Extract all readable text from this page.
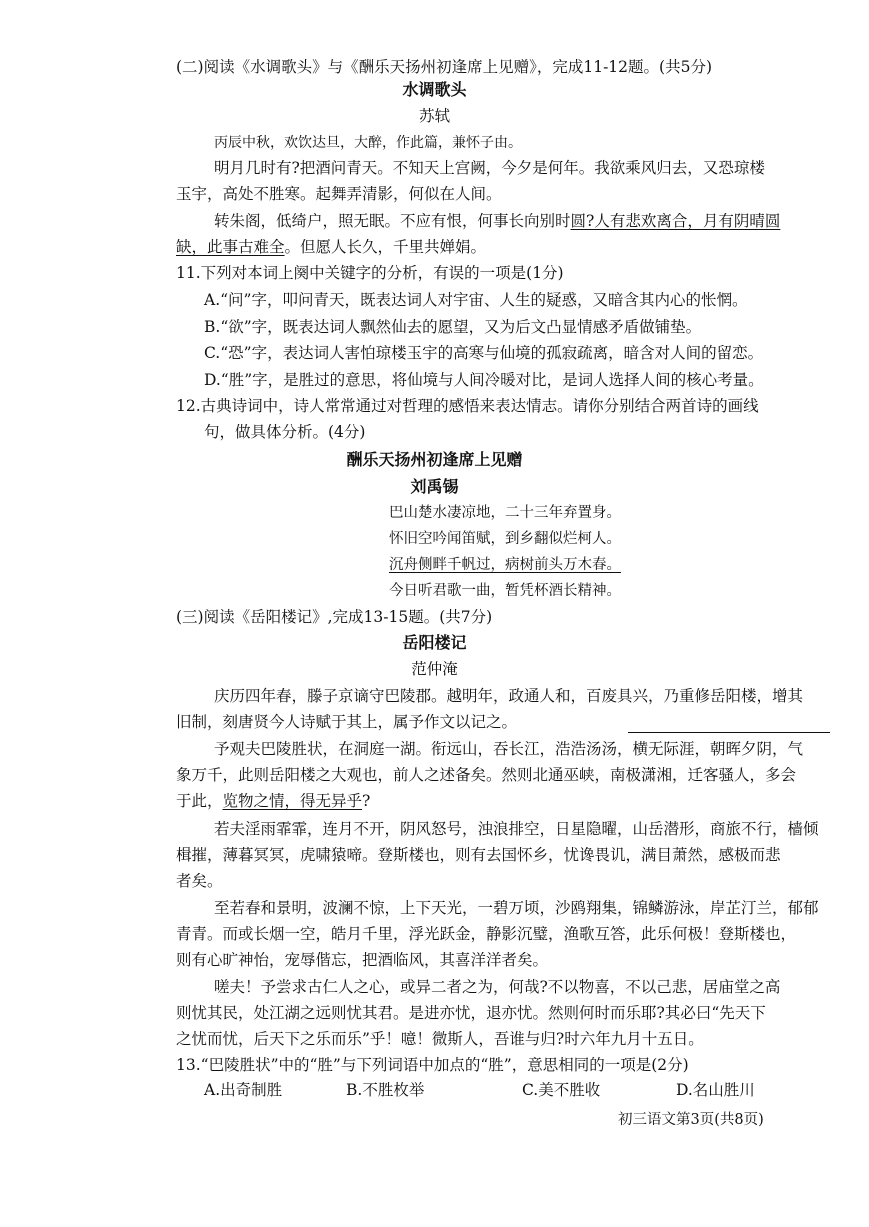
(二)阅读《水调歌头》与《酬乐天扬州初逢席上见赠》，完成11-12题。(共5分)
水调歌头
苏轼
丙辰中秋，欢饮达旦，大醉，作此篇，兼怀子由。
明月几时有?把酒问青天。不知天上宫阙，今夕是何年。我欲乘风归去，又恐琼楼
玉宇，高处不胜寒。起舞弄清影，何似在人间。
转朱阁，低绮户，照无眠。不应有恨，何事长向别时圆?人有悲欢离合，月有阴晴圆
缺，此事古难全。但愿人长久，千里共婵娟。
11.下列对本词上阕中关键字的分析，有误的一项是(1分)
A.“问”字，叩问青天，既表达词人对宇宙、人生的疑惑，又暗含其内心的怅惘。
B.“欲”字，既表达词人飘然仙去的愿望，又为后文凸显情感矛盾做铺垫。
C.“恐”字，表达词人害怕琼楼玉宇的高寒与仙境的孤寂疏离，暗含对人间的留恋。
D.“胜”字，是胜过的意思，将仙境与人间冷暖对比，是词人选择人间的核心考量。
12.古典诗词中，诗人常常通过对哲理的感悟来表达情志。请你分别结合两首诗的画线
句，做具体分析。(4分)
酬乐天扬州初逢席上见赠
刘禹锡
巴山楚水凄凉地，二十三年弃置身。
怀旧空吟闻笛赋，到乡翻似烂柯人。
沉舟侧畔千帆过，病树前头万木春。
今日听君歌一曲，暂凭杯酒长精神。
(三)阅读《岳阳楼记》,完成13-15题。(共7分)
岳阳楼记
范仲淹
庆历四年春，滕子京谪守巴陵郡。越明年，政通人和，百废具兴，乃重修岳阳楼，增其
旧制，刻唐贤今人诗赋于其上，属予作文以记之。
予观夫巴陵胜状，在洞庭一湖。衔远山，吞长江，浩浩汤汤，横无际涯，朝晖夕阴，气
象万千，此则岳阳楼之大观也，前人之述备矣。然则北通巫峡，南极潇湘，迁客骚人，多会
于此，览物之情，得无异乎?
若夫淫雨霏霏，连月不开，阴风怒号，浊浪排空，日星隐曜，山岳潜形，商旅不行，樯倾
楫摧，薄暮冥冥，虎啸猿啼。登斯楼也，则有去国怀乡，忧谗畏讥，满目萧然，感极而悲
者矣。
至若春和景明，波澜不惊，上下天光，一碧万顷，沙鸥翔集，锦鳞游泳，岸芷汀兰，郁郁
青青。而或长烟一空，皓月千里，浮光跃金，静影沉璧，渔歌互答，此乐何极！登斯楼也，
则有心旷神怡，宠辱偕忘，把酒临风，其喜洋洋者矣。
嗟夫！予尝求古仁人之心，或异二者之为，何哉?不以物喜，不以己悲，居庙堂之高
则忧其民，处江湖之远则忧其君。是进亦忧，退亦忧。然则何时而乐耶?其必曰“先天下
之忧而忧，后天下之乐而乐”乎！噫！微斯人，吾谁与归?时六年九月十五日。
13.“巴陵胜状”中的“胜”与下列词语中加点的“胜”，意思相同的一项是(2分)
A.出奇制胜	B.不胜枚举	C.美不胜收	D.名山胜川
初三语文第3页(共8页)
